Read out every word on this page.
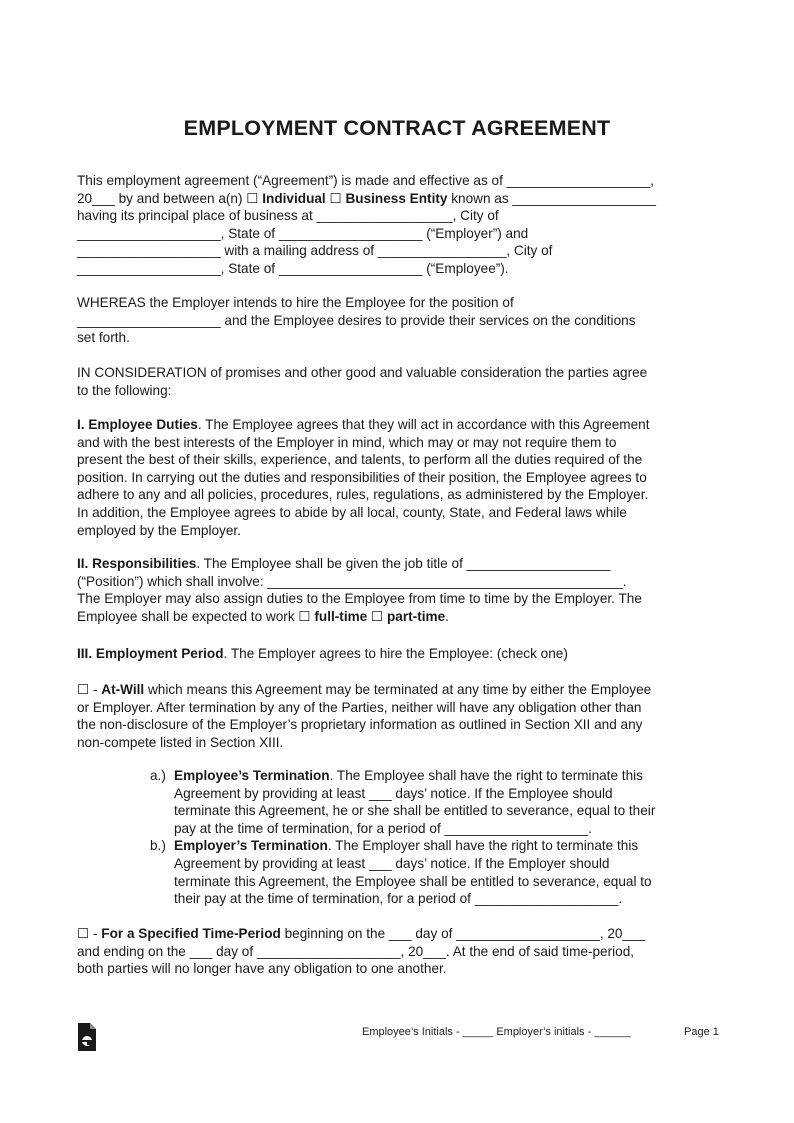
EMPLOYMENT CONTRACT AGREEMENT

This employment agreement (“Agreement”) is made and effective as of ___________________,
20___ by and between a(n) ☐ Individual ☐ Business Entity known as ___________________
having its principal place of business at __________________, City of
___________________, State of ___________________ (“Employer”) and
___________________ with a mailing address of _________________, City of
___________________, State of ___________________ (“Employee”).

WHEREAS the Employer intends to hire the Employee for the position of
___________________ and the Employee desires to provide their services on the conditions
set forth.

IN CONSIDERATION of promises and other good and valuable consideration the parties agree
to the following:

I. Employee Duties. The Employee agrees that they will act in accordance with this Agreement
and with the best interests of the Employer in mind, which may or may not require them to
present the best of their skills, experience, and talents, to perform all the duties required of the
position. In carrying out the duties and responsibilities of their position, the Employee agrees to
adhere to any and all policies, procedures, rules, regulations, as administered by the Employer.
In addition, the Employee agrees to abide by all local, county, State, and Federal laws while
employed by the Employer.

II. Responsibilities. The Employee shall be given the job title of ___________________
(“Position”) which shall involve: _______________________________________________.
The Employer may also assign duties to the Employee from time to time by the Employer. The
Employee shall be expected to work ☐ full-time ☐ part-time.

III. Employment Period. The Employer agrees to hire the Employee: (check one)

☐ - At-Will which means this Agreement may be terminated at any time by either the Employee
or Employer. After termination by any of the Parties, neither will have any obligation other than
the non-disclosure of the Employer’s proprietary information as outlined in Section XII and any
non-compete listed in Section XIII.

a.) Employee’s Termination. The Employee shall have the right to terminate this
Agreement by providing at least ___ days’ notice. If the Employee should
terminate this Agreement, he or she shall be entitled to severance, equal to their
pay at the time of termination, for a period of ___________________.
b.) Employer’s Termination. The Employer shall have the right to terminate this
Agreement by providing at least ___ days’ notice. If the Employer should
terminate this Agreement, the Employee shall be entitled to severance, equal to
their pay at the time of termination, for a period of ___________________.

☐ - For a Specified Time-Period beginning on the ___ day of ___________________, 20___
and ending on the ___ day of ___________________, 20___. At the end of said time-period,
both parties will no longer have any obligation to one another.

Employee’s Initials - _____ Employer’s initials - ______	Page 1
